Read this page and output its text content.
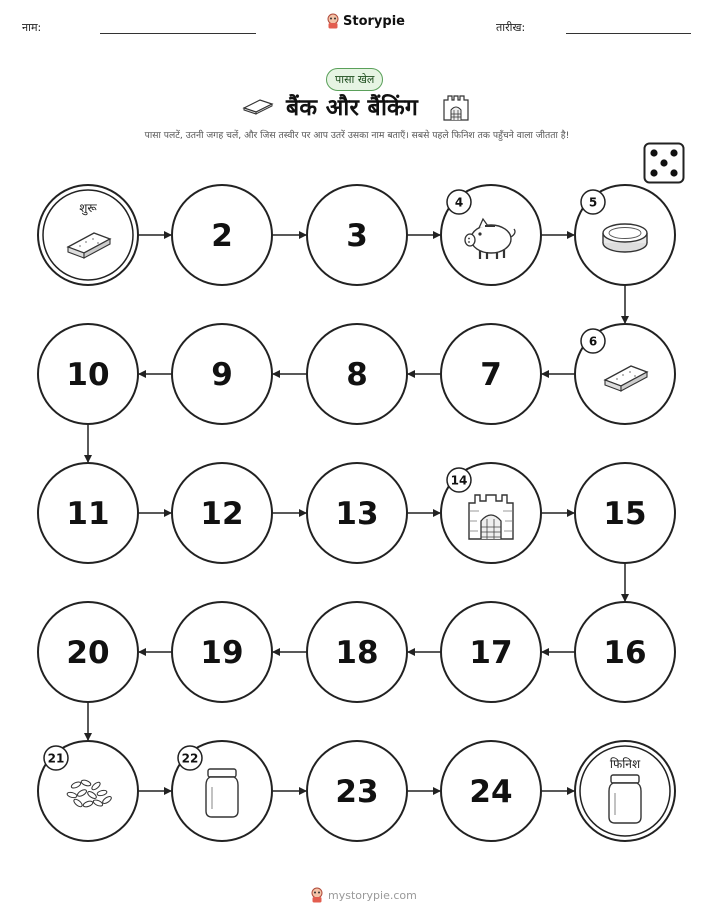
नाम:	Storypie	तारीख:
पासा खेल
बैंक और बैंकिंग
पासा पलटें, उतनी जगह चलें, और जिस तस्वीर पर आप उतरें उसका नाम बताएँ। सबसे पहले फिनिश तक पहुँचने वाला जीतता है!
शुरू
2	3
4	5
6
7
8
9
10
11	12	13
14
15
16
17
18
19
20
21	22
23	24
फिनिश
mystorypie.com
